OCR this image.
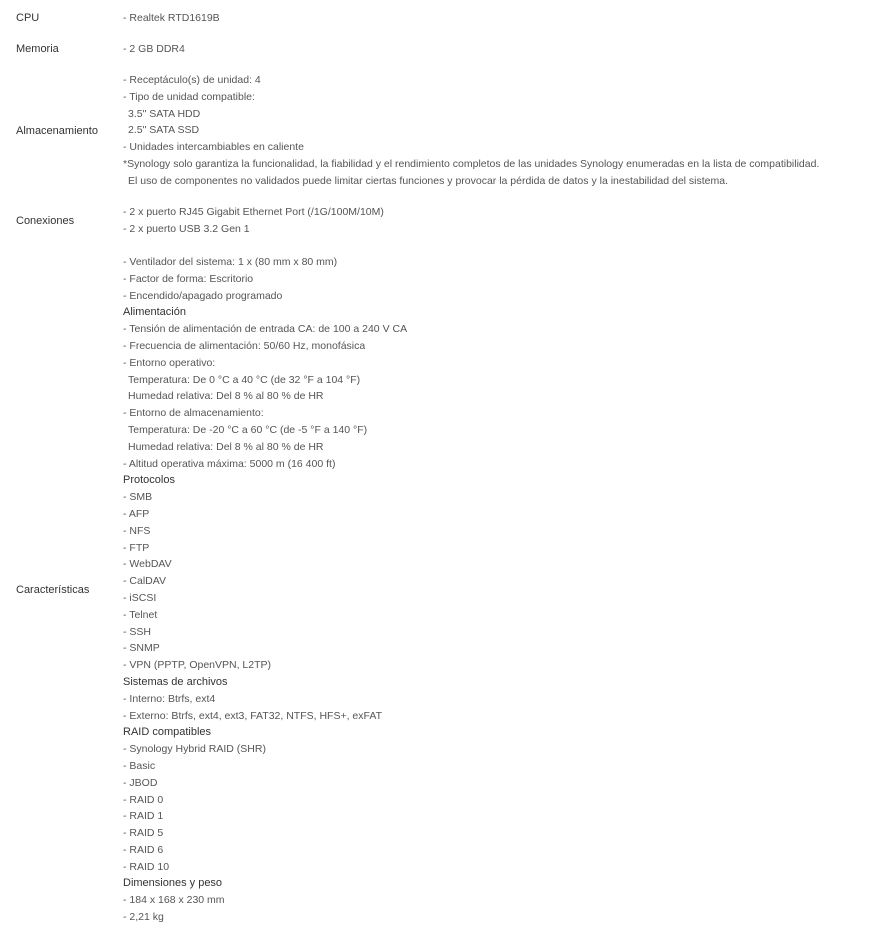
CPU	- Realtek RTD1619B
Memoria	- 2 GB DDR4
Almacenamiento
- Receptáculo(s) de unidad: 4
- Tipo de unidad compatible:
3.5" SATA HDD
2.5" SATA SSD
- Unidades intercambiables en caliente
*Synology solo garantiza la funcionalidad, la fiabilidad y el rendimiento completos de las unidades Synology enumeradas en la lista de compatibilidad.
El uso de componentes no validados puede limitar ciertas funciones y provocar la pérdida de datos y la inestabilidad del sistema.
Conexiones
- 2 x puerto RJ45 Gigabit Ethernet Port (/1G/100M/10M)
- 2 x puerto USB 3.2 Gen 1
Características
- Ventilador del sistema: 1 x (80 mm x 80 mm)
- Factor de forma: Escritorio
- Encendido/apagado programado
Alimentación
- Tensión de alimentación de entrada CA: de 100 a 240 V CA
- Frecuencia de alimentación: 50/60 Hz, monofásica
- Entorno operativo:
Temperatura: De 0 °C a 40 °C (de 32 °F a 104 °F)
Humedad relativa: Del 8 % al 80 % de HR
- Entorno de almacenamiento:
Temperatura: De -20 °C a 60 °C (de -5 °F a 140 °F)
Humedad relativa: Del 8 % al 80 % de HR
- Altitud operativa máxima: 5000 m (16 400 ft)
Protocolos
- SMB
- AFP
- NFS
- FTP
- WebDAV
- CalDAV
- iSCSI
- Telnet
- SSH
- SNMP
- VPN (PPTP, OpenVPN, L2TP)
Sistemas de archivos
- Interno: Btrfs, ext4
- Externo: Btrfs, ext4, ext3, FAT32, NTFS, HFS+, exFAT
RAID compatibles
- Synology Hybrid RAID (SHR)
- Basic
- JBOD
- RAID 0
- RAID 1
- RAID 5
- RAID 6
- RAID 10
Dimensiones y peso
- 184 x 168 x 230 mm
- 2,21 kg
